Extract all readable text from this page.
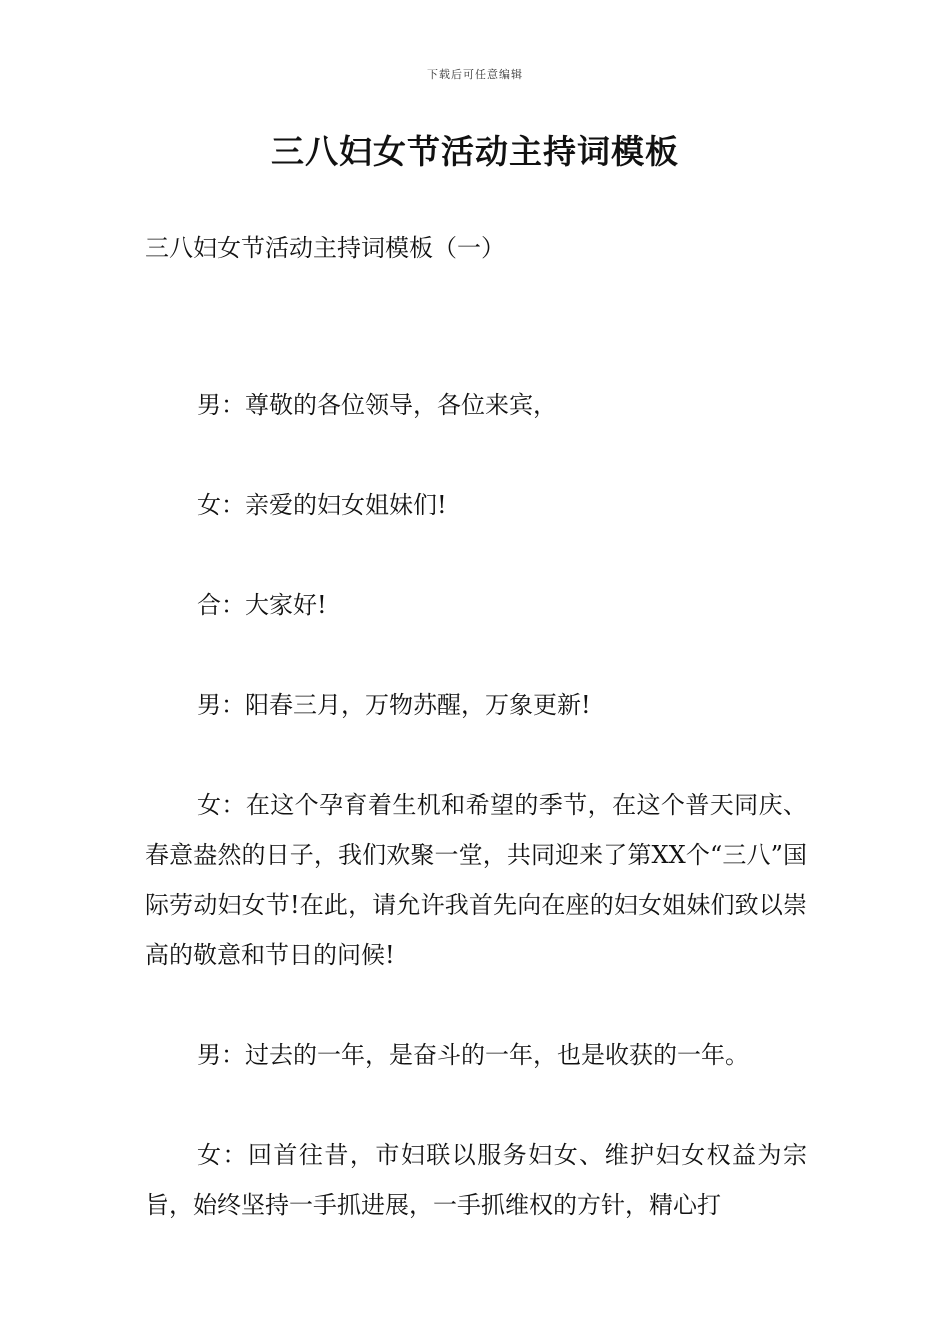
下载后可任意编辑
三八妇女节活动主持词模板
三八妇女节活动主持词模板（一）

男：尊敬的各位领导，各位来宾，

女：亲爱的妇女姐妹们!

合：大家好!

男：阳春三月，万物苏醒，万象更新!

女：在这个孕育着生机和希望的季节，在这个普天同庆、春意盎然的日子，我们欢聚一堂，共同迎来了第XX个“三八”国际劳动妇女节!在此，请允许我首先向在座的妇女姐妹们致以崇高的敬意和节日的问候!

男：过去的一年，是奋斗的一年，也是收获的一年。

女：回首往昔，市妇联以服务妇女、维护妇女权益为宗旨，始终坚持一手抓进展，一手抓维权的方针，精心打
